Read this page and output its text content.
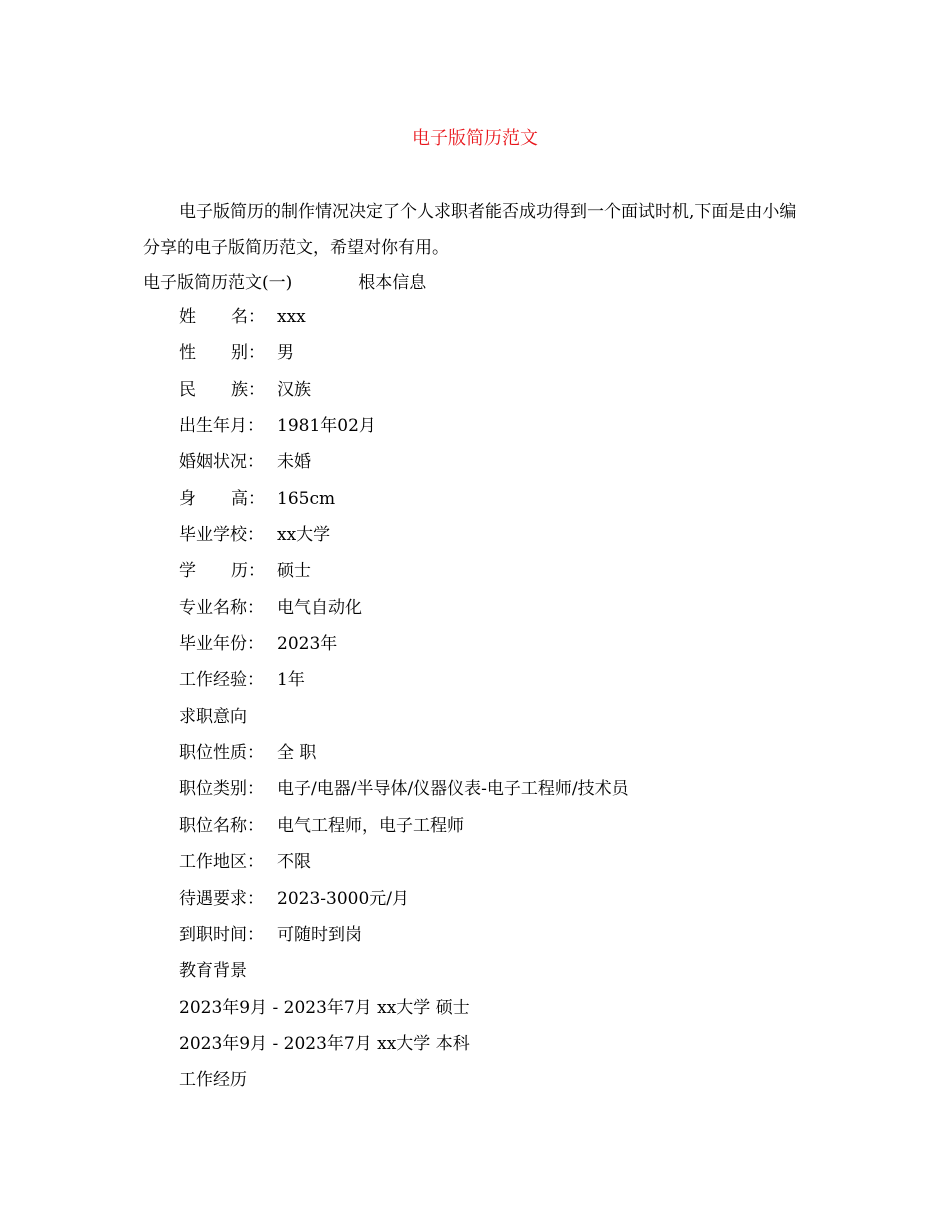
电子版简历范文
电子版简历的制作情况决定了个人求职者能否成功得到一个面试时机,下面是由小编分享的电子版简历范文，希望对你有用。
电子版简历范文(一)	根本信息
姓 名： xxx
性 别： 男
民 族： 汉族
出生年月： 1981年02月
婚姻状况： 未婚
身 高： 165cm
毕业学校： xx大学
学 历： 硕士
专业名称： 电气自动化
毕业年份： 2023年
工作经验： 1年
求职意向
职位性质： 全 职
职位类别： 电子/电器/半导体/仪器仪表-电子工程师/技术员
职位名称： 电气工程师，电子工程师
工作地区： 不限
待遇要求： 2023-3000元/月
到职时间： 可随时到岗
教育背景
2023年9月 - 2023年7月 xx大学 硕士
2023年9月 - 2023年7月 xx大学 本科
工作经历
